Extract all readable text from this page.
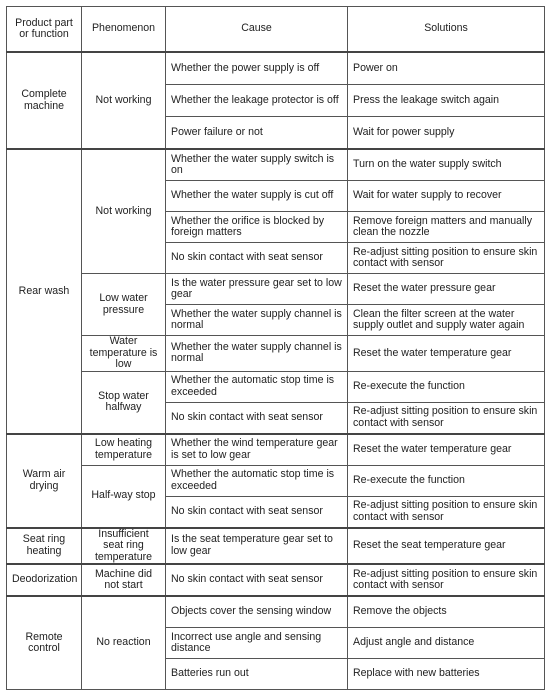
Product part or function	Phenomenon	Cause	Solutions
Complete machine	Not working	Whether the power supply is off	Power on
		Whether the leakage protector is off	Press the leakage switch again
		Power failure or not	Wait for power supply
Rear wash	Not working	Whether the water supply switch is on	Turn on the water supply switch
		Whether the water supply is cut off	Wait for water supply to recover
		Whether the orifice is blocked by foreign matters	Remove foreign matters and manually clean the nozzle
		No skin contact with seat sensor	Re-adjust sitting position to ensure skin contact with sensor
	Low water pressure	Is the water pressure gear set to low gear	Reset the water pressure gear
		Whether the water supply channel is normal	Clean the filter screen at the water supply outlet and supply water again
	Water temperature is low	Whether the water supply channel is normal	Reset the water temperature gear
	Stop water halfway	Whether the automatic stop time is exceeded	Re-execute the function
		No skin contact with seat sensor	Re-adjust sitting position to ensure skin contact with sensor
Warm air drying	Low heating temperature	Whether the wind temperature gear is set to low gear	Reset the water temperature gear
	Half-way stop	Whether the automatic stop time is exceeded	Re-execute the function
		No skin contact with seat sensor	Re-adjust sitting position to ensure skin contact with sensor
Seat ring heating	Insufficient seat ring temperature	Is the seat temperature gear set to low gear	Reset the seat temperature gear
Deodorization	Machine did not start	No skin contact with seat sensor	Re-adjust sitting position to ensure skin contact with sensor
Remote control	No reaction	Objects cover the sensing window	Remove the objects
		Incorrect use angle and sensing distance	Adjust angle and distance
		Batteries run out	Replace with new batteries
